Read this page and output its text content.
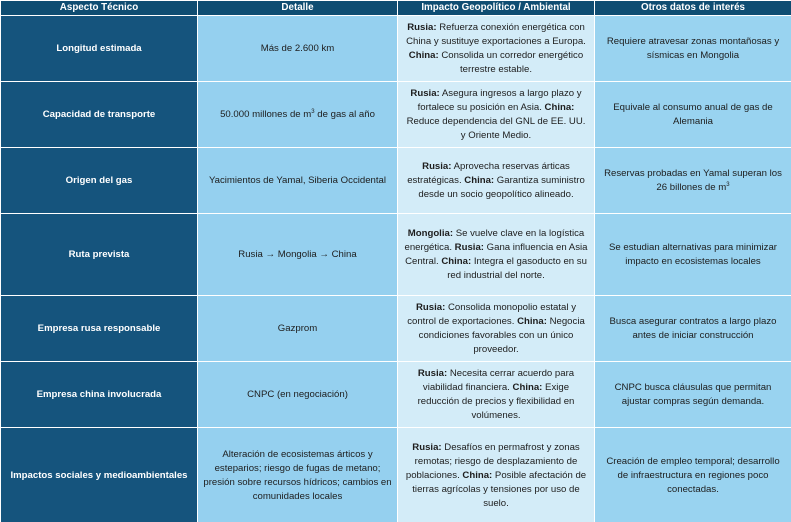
Aspecto Técnico	Detalle	Impacto Geopolítico / Ambiental	Otros datos de interés
Longitud estimada	Más de 2.600 km	Rusia: Refuerza conexión energética con China y sustituye exportaciones a Europa. China: Consolida un corredor energético terrestre estable.	Requiere atravesar zonas montañosas y sísmicas en Mongolia
Capacidad de transporte	50.000 millones de $m^3$ de gas al año	Rusia: Asegura ingresos a largo plazo y fortalece su posición en Asia. China: Reduce dependencia del GNL de EE. UU. y Oriente Medio.	Equivale al consumo anual de gas de Alemania
Origen del gas	Yacimientos de Yamal, Siberia Occidental	Rusia: Aprovecha reservas árticas estratégicas. China: Garantiza suministro desde un socio geopolítico alineado.	Reservas probadas en Yamal superan los 26 billones de $m^3$
Ruta prevista	Rusia → Mongolia → China	Mongolia: Se vuelve clave en la logística energética. Rusia: Gana influencia en Asia Central. China: Integra el gasoducto en su red industrial del norte.	Se estudian alternativas para minimizar impacto en ecosistemas locales
Empresa rusa responsable	Gazprom	Rusia: Consolida monopolio estatal y control de exportaciones. China: Negocia condiciones favorables con un único proveedor.	Busca asegurar contratos a largo plazo antes de iniciar construcción
Empresa china involucrada	CNPC (en negociación)	Rusia: Necesita cerrar acuerdo para viabilidad financiera. China: Exige reducción de precios y flexibilidad en volúmenes.	CNPC busca cláusulas que permitan ajustar compras según demanda.
Impactos sociales y medioambientales	Alteración de ecosistemas árticos y esteparios; riesgo de fugas de metano; presión sobre recursos hídricos; cambios en comunidades locales	Rusia: Desafíos en permafrost y zonas remotas; riesgo de desplazamiento de poblaciones. China: Posible afectación de tierras agrícolas y tensiones por uso de suelo.	Creación de empleo temporal; desarrollo de infraestructura en regiones poco conectadas.
